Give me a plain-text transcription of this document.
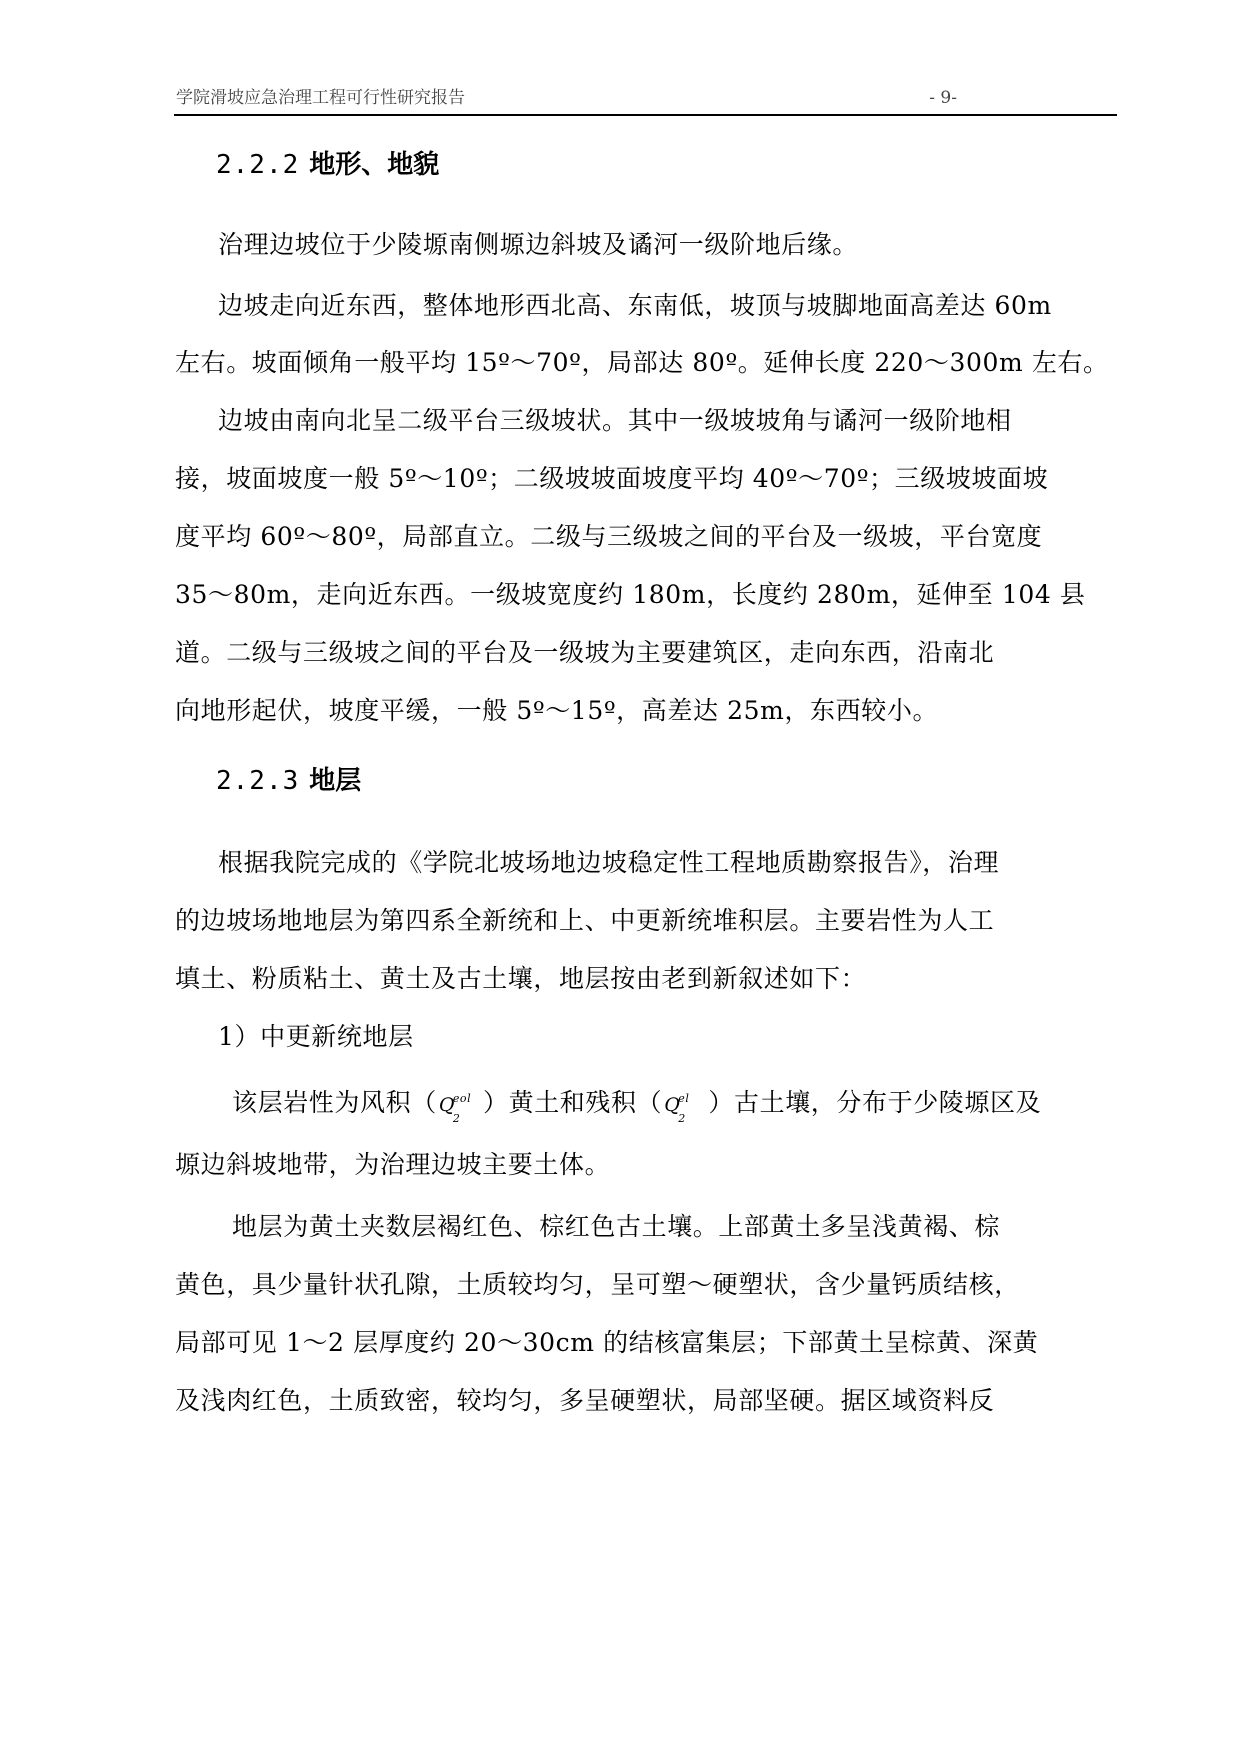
学院滑坡应急治理工程可行性研究报告	- 9-
2.2.2 地形、地貌
治理边坡位于少陵塬南侧塬边斜坡及谲河一级阶地后缘。
边坡走向近东西，整体地形西北高、东南低，坡顶与坡脚地面高差达 60m
左右。坡面倾角一般平均 15º～70º，局部达 80º。延伸长度 220～300m 左右。
边坡由南向北呈二级平台三级坡状。其中一级坡坡角与谲河一级阶地相
接，坡面坡度一般 5º～10º；二级坡坡面坡度平均 40º～70º；三级坡坡面坡
度平均 60º～80º，局部直立。二级与三级坡之间的平台及一级坡，平台宽度
35～80m，走向近东西。一级坡宽度约 180m，长度约 280m，延伸至 104 县
道。二级与三级坡之间的平台及一级坡为主要建筑区，走向东西，沿南北
向地形起伏，坡度平缓，一般 5º～15º，高差达 25m，东西较小。
2.2.3 地层
根据我院完成的《学院北坡场地边坡稳定性工程地质勘察报告》，治理
的边坡场地地层为第四系全新统和上、中更新统堆积层。主要岩性为人工
填土、粉质粘土、黄土及古土壤，地层按由老到新叙述如下：
1）中更新统地层
该层岩性为风积（ Q
eol
2
）黄土和残积（ Q
el
2
）古土壤，分布于少陵塬区及
塬边斜坡地带，为治理边坡主要土体。
地层为黄土夹数层褐红色、棕红色古土壤。上部黄土多呈浅黄褐、棕
黄色，具少量针状孔隙，土质较均匀，呈可塑～硬塑状，含少量钙质结核，
局部可见 1～2 层厚度约 20～30cm 的结核富集层；下部黄土呈棕黄、深黄
及浅肉红色，土质致密，较均匀，多呈硬塑状，局部坚硬。据区域资料反
